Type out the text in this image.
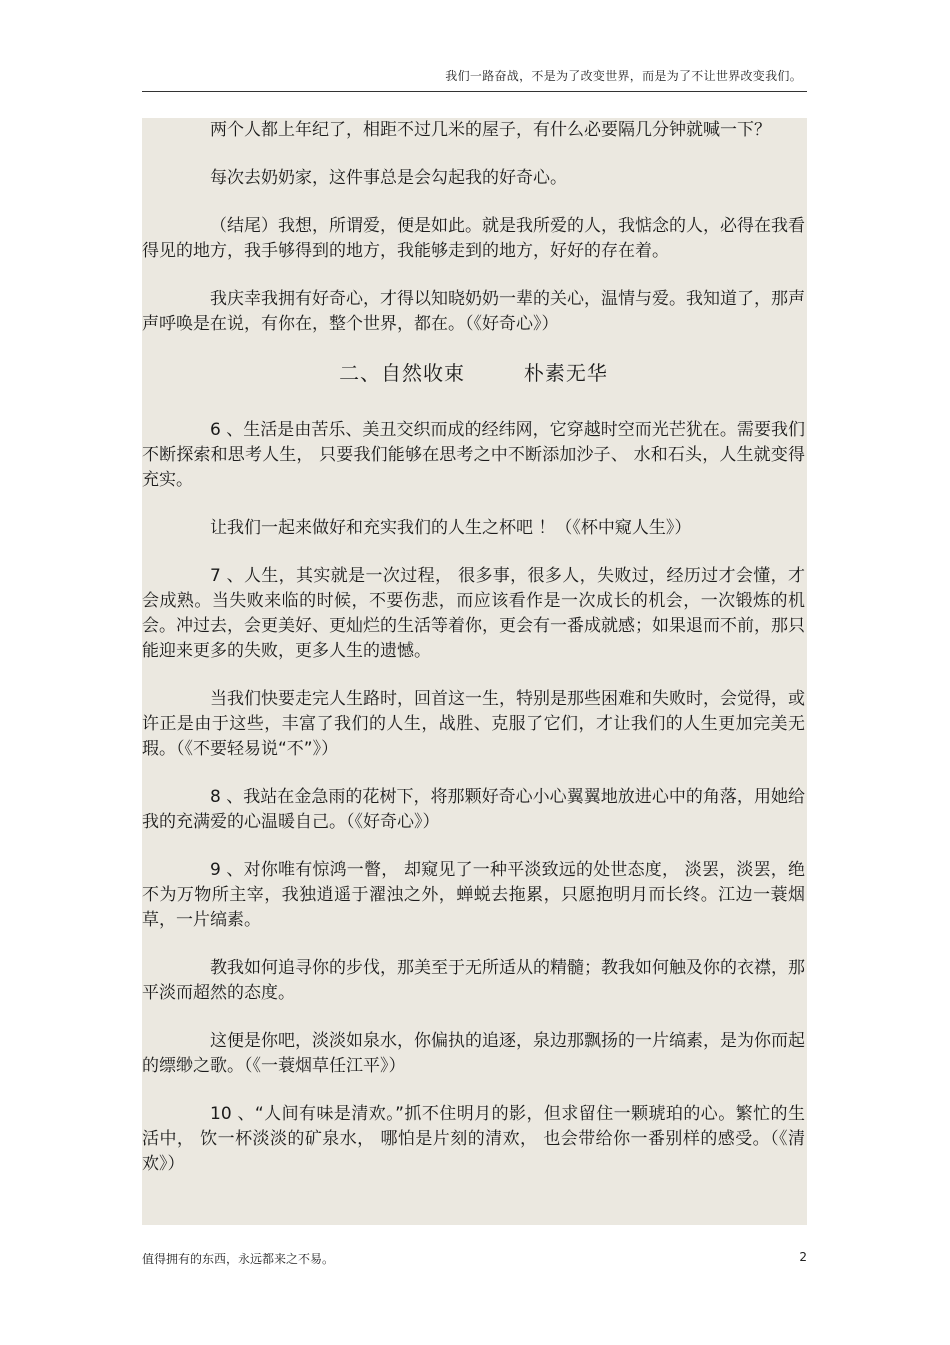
我们一路奋战，不是为了改变世界，而是为了不让世界改变我们。

两个人都上年纪了，相距不过几米的屋子，有什么必要隔几分钟就喊一下？

每次去奶奶家，这件事总是会勾起我的好奇心。

（结尾）我想，所谓爱，便是如此。就是我所爱的人，我惦念的人，必得在我看得见的地方，我手够得到的地方，我能够走到的地方，好好的存在着。

我庆幸我拥有好奇心，才得以知晓奶奶一辈的关心，温情与爱。我知道了，那声声呼唤是在说，有你在，整个世界，都在。（《好奇心》）

二、自然收束        朴素无华

6 、生活是由苦乐、美丑交织而成的经纬网，它穿越时空而光芒犹在。需要我们不断探索和思考人生， 只要我们能够在思考之中不断添加沙子、 水和石头，人生就变得充实。

让我们一起来做好和充实我们的人生之杯吧 ！（《杯中窥人生》）

7 、人生，其实就是一次过程， 很多事，很多人，失败过，经历过才会懂，才会成熟。当失败来临的时候，不要伤悲，而应该看作是一次成长的机会，一次锻炼的机会。冲过去，会更美好、更灿烂的生活等着你，更会有一番成就感；如果退而不前，那只能迎来更多的失败，更多人生的遗憾。

当我们快要走完人生路时，回首这一生，特别是那些困难和失败时，会觉得，或许正是由于这些，丰富了我们的人生，战胜、克服了它们，才让我们的人生更加完美无瑕。（《不要轻易说“不”》）

8 、我站在金急雨的花树下，将那颗好奇心小心翼翼地放进心中的角落，用她给我的充满爱的心温暖自己。（《好奇心》）

9 、对你唯有惊鸿一瞥， 却窥见了一种平淡致远的处世态度， 淡罢，淡罢，绝不为万物所主宰，我独逍遥于濯浊之外，蝉蜕去拖累，只愿抱明月而长终。江边一蓑烟草，一片缟素。

教我如何追寻你的步伐，那美至于无所适从的精髓；教我如何触及你的衣襟，那平淡而超然的态度。

这便是你吧，淡淡如泉水，你偏执的追逐，泉边那飘扬的一片缟素，是为你而起的缥缈之歌。（《一蓑烟草任江平》）

10 、“人间有味是清欢。”抓不住明月的影，但求留住一颗琥珀的心。繁忙的生活中， 饮一杯淡淡的矿泉水， 哪怕是片刻的清欢， 也会带给你一番别样的感受。（《清欢》）

值得拥有的东西，永远都来之不易。	2
